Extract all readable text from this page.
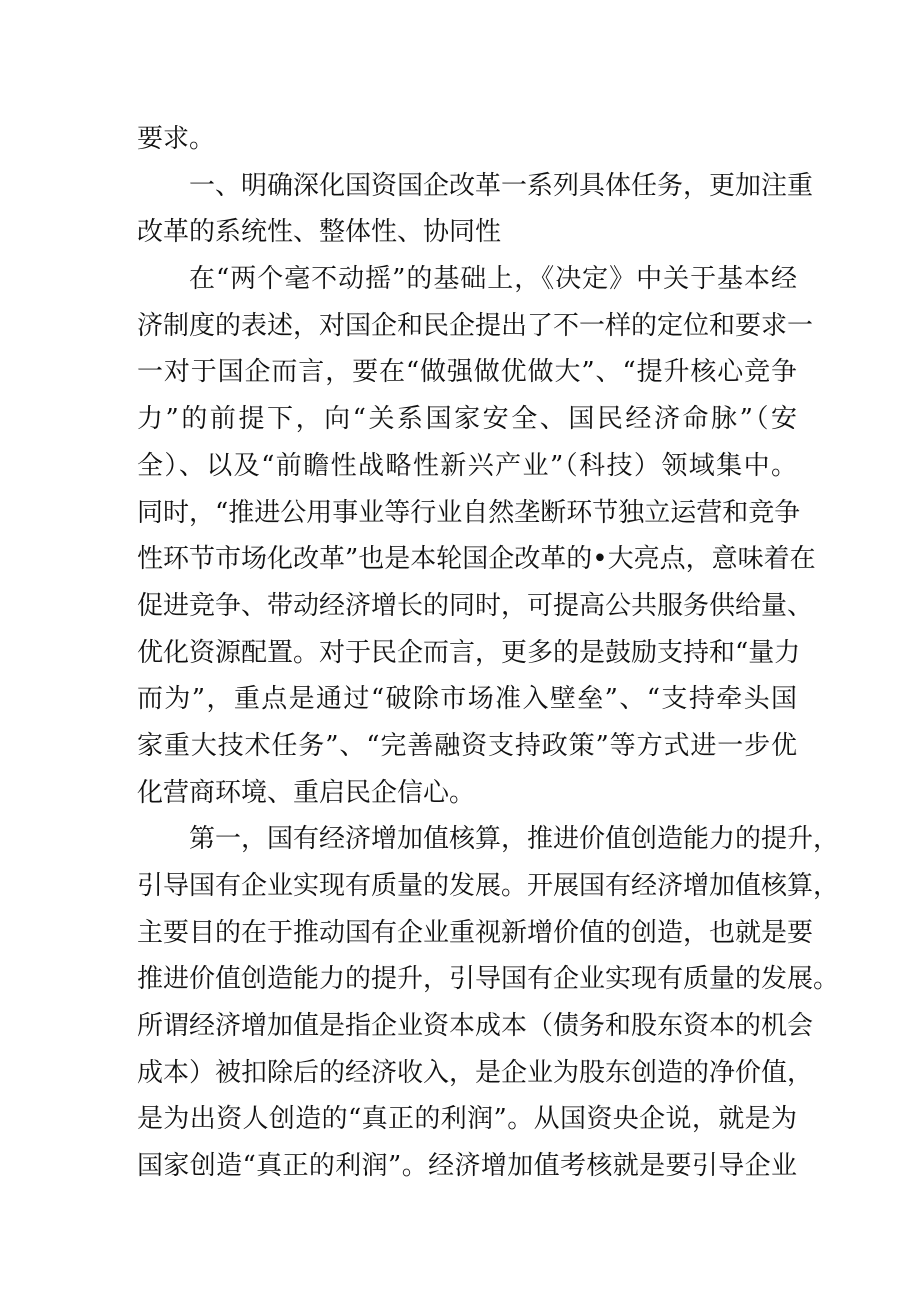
要求。
一、明确深化国资国企改革一系列具体任务，更加注重
改革的系统性、整体性、协同性
在“两个毫不动摇”的基础上，《决定》中关于基本经
济制度的表述，对国企和民企提出了不一样的定位和要求一
一对于国企而言，要在“做强做优做大”、“提升核心竞争
力”的前提下，向“关系国家安全、国民经济命脉”（安
全）、以及“前瞻性战略性新兴产业”（科技）领域集中。
同时，“推进公用事业等行业自然垄断环节独立运营和竞争
性环节市场化改革”也是本轮国企改革的•大亮点，意味着在
促进竞争、带动经济增长的同时，可提高公共服务供给量、
优化资源配置。对于民企而言，更多的是鼓励支持和“量力
而为”，重点是通过“破除市场准入壁垒”、“支持牵头国
家重大技术任务”、“完善融资支持政策”等方式进一步优
化营商环境、重启民企信心。
第一，国有经济增加值核算，推进价值创造能力的提升，
引导国有企业实现有质量的发展。开展国有经济增加值核算，
主要目的在于推动国有企业重视新增价值的创造，也就是要
推进价值创造能力的提升，引导国有企业实现有质量的发展。
所谓经济增加值是指企业资本成本（债务和股东资本的机会
成本）被扣除后的经济收入，是企业为股东创造的净价值，
是为出资人创造的“真正的利润”。从国资央企说，就是为
国家创造“真正的利润”。经济增加值考核就是要引导企业
